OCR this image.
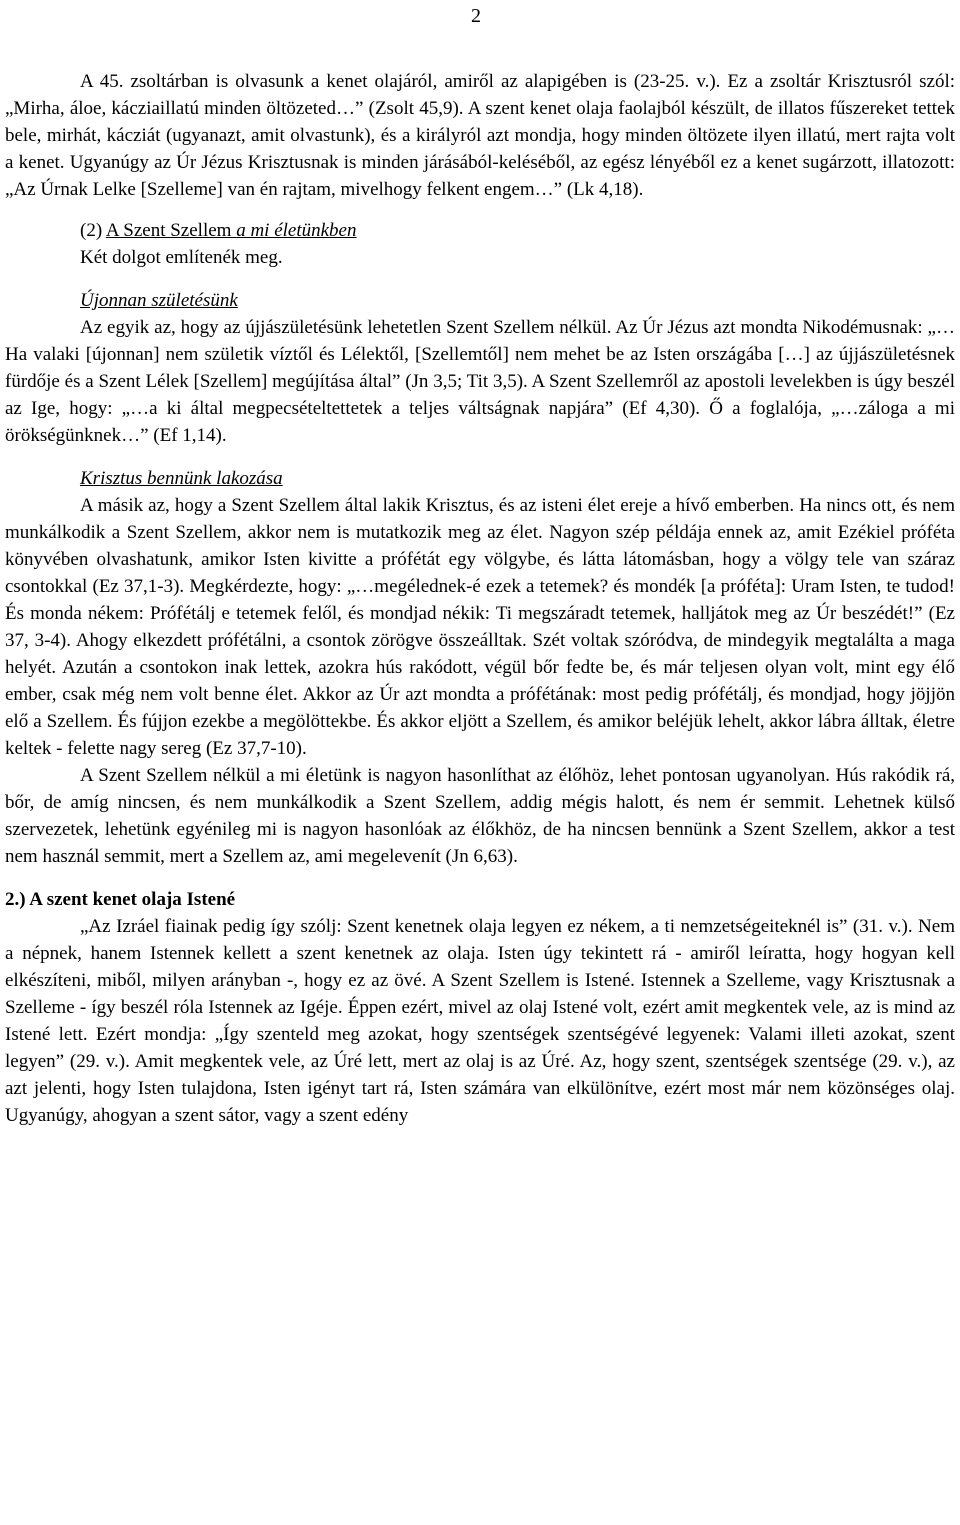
2

A 45. zsoltárban is olvasunk a kenet olajáról, amiről az alapigében is (23-25. v.). Ez a zsoltár Krisztusról szól: „Mirha, áloe, kácziaillatú minden öltözeted…” (Zsolt 45,9). A szent kenet olaja faolajból készült, de illatos fűszereket tettek bele, mirhát, kácziát (ugyanazt, amit olvastunk), és a királyról azt mondja, hogy minden öltözete ilyen illatú, mert rajta volt a kenet. Ugyanúgy az Úr Jézus Krisztusnak is minden járásából-keléséből, az egész lényéből ez a kenet sugárzott, illatozott: „Az Úrnak Lelke [Szelleme] van én rajtam, mivelhogy felkent engem…” (Lk 4,18).

(2) A Szent Szellem a mi életünkben

Két dolgot említenék meg.

Újonnan születésünk

Az egyik az, hogy az újjászületésünk lehetetlen Szent Szellem nélkül. Az Úr Jézus azt mondta Nikodémusnak: „…Ha valaki [újonnan] nem születik víztől és Lélektől, [Szellemtől] nem mehet be az Isten országába […] az újjászületésnek fürdője és a Szent Lélek [Szellem] megújítása által” (Jn 3,5; Tit 3,5). A Szent Szellemről az apostoli levelekben is úgy beszél az Ige, hogy: „…a ki által megpecsételtettetek a teljes váltságnak napjára” (Ef 4,30). Ő a foglalója, „…záloga a mi örökségünknek…” (Ef 1,14).

Krisztus bennünk lakozása

A másik az, hogy a Szent Szellem által lakik Krisztus, és az isteni élet ereje a hívő emberben. Ha nincs ott, és nem munkálkodik a Szent Szellem, akkor nem is mutatkozik meg az élet. Nagyon szép példája ennek az, amit Ezékiel próféta könyvében olvashatunk, amikor Isten kivitte a prófétát egy völgybe, és látta látomásban, hogy a völgy tele van száraz csontokkal (Ez 37,1-3). Megkérdezte, hogy: „…megélednek-é ezek a tetemek? és mondék [a próféta]: Uram Isten, te tudod! És monda nékem: Prófétálj e tetemek felől, és mondjad nékik: Ti megszáradt tetemek, halljátok meg az Úr beszédét!” (Ez 37, 3-4). Ahogy elkezdett prófétálni, a csontok zörögve összeálltak. Szét voltak szóródva, de mindegyik megtalálta a maga helyét. Azután a csontokon inak lettek, azokra hús rakódott, végül bőr fedte be, és már teljesen olyan volt, mint egy élő ember, csak még nem volt benne élet. Akkor az Úr azt mondta a prófétának: most pedig prófétálj, és mondjad, hogy jöjjön elő a Szellem. És fújjon ezekbe a megölöttekbe. És akkor eljött a Szellem, és amikor beléjük lehelt, akkor lábra álltak, életre keltek - felette nagy sereg (Ez 37,7-10).

A Szent Szellem nélkül a mi életünk is nagyon hasonlíthat az élőhöz, lehet pontosan ugyanolyan. Hús rakódik rá, bőr, de amíg nincsen, és nem munkálkodik a Szent Szellem, addig mégis halott, és nem ér semmit. Lehetnek külső szervezetek, lehetünk egyénileg mi is nagyon hasonlóak az élőkhöz, de ha nincsen bennünk a Szent Szellem, akkor a test nem használ semmit, mert a Szellem az, ami megelevenít (Jn 6,63).

2.) A szent kenet olaja Istené

„Az Izráel fiainak pedig így szólj: Szent kenetnek olaja legyen ez nékem, a ti nemzetségeiteknél is” (31. v.). Nem a népnek, hanem Istennek kellett a szent kenetnek az olaja. Isten úgy tekintett rá - amiről leíratta, hogy hogyan kell elkészíteni, miből, milyen arányban -, hogy ez az övé. A Szent Szellem is Istené. Istennek a Szelleme, vagy Krisztusnak a Szelleme - így beszél róla Istennek az Igéje. Éppen ezért, mivel az olaj Istené volt, ezért amit megkentek vele, az is mind az Istené lett. Ezért mondja: „Így szenteld meg azokat, hogy szentségek szentségévé legyenek: Valami illeti azokat, szent legyen” (29. v.). Amit megkentek vele, az Úré lett, mert az olaj is az Úré. Az, hogy szent, szentségek szentsége (29. v.), az azt jelenti, hogy Isten tulajdona, Isten igényt tart rá, Isten számára van elkülönítve, ezért most már nem közönséges olaj. Ugyanúgy, ahogyan a szent sátor, vagy a szent edény
